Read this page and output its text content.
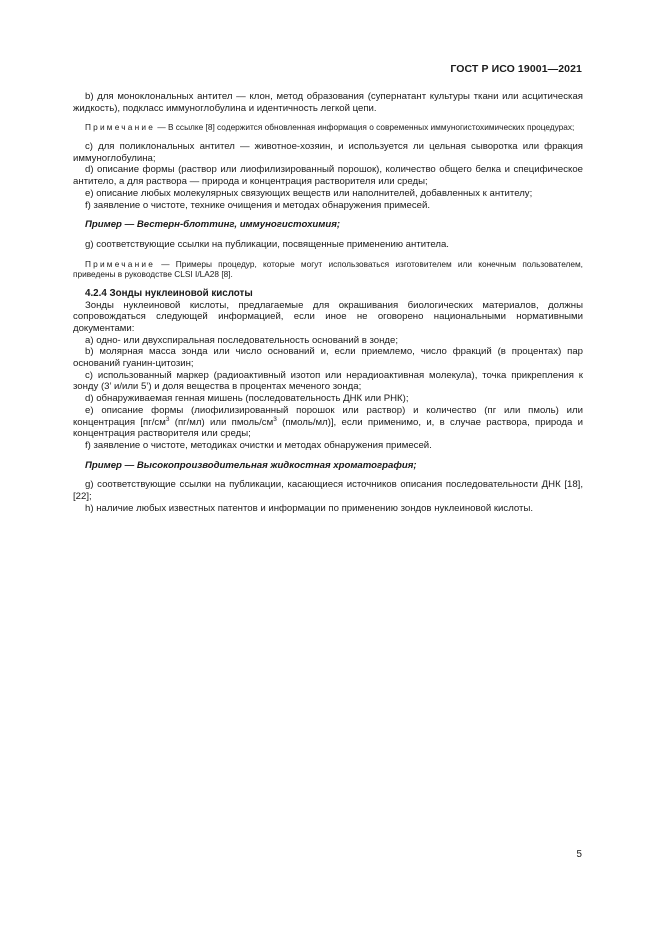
ГОСТ Р ИСО 19001—2021

b) для моноклональных антител — клон, метод образования (супернатант культуры ткани или асцитическая жидкость), подкласс иммуноглобулина и идентичность легкой цепи.

Примечание — В ссылке [8] содержится обновленная информация о современных иммуногистохимических процедурах;

c) для поликлональных антител — животное-хозяин, и используется ли цельная сыворотка или фракция иммуноглобулина;

d) описание формы (раствор или лиофилизированный порошок), количество общего белка и специфическое антитело, а для раствора — природа и концентрация растворителя или среды;

e) описание любых молекулярных связующих веществ или наполнителей, добавленных к антителу;

f) заявление о чистоте, технике очищения и методах обнаружения примесей.

Пример — Вестерн-блоттинг, иммуногистохимия;

g) соответствующие ссылки на публикации, посвященные применению антитела.

Примечание — Примеры процедур, которые могут использоваться изготовителем или конечным пользователем, приведены в руководстве CLSI I/LA28 [8].

4.2.4 Зонды нуклеиновой кислоты

Зонды нуклеиновой кислоты, предлагаемые для окрашивания биологических материалов, должны сопровождаться следующей информацией, если иное не оговорено национальными нормативными документами:

a) одно- или двухспиральная последовательность оснований в зонде;

b) молярная масса зонда или число оснований и, если приемлемо, число фракций (в процентах) пар оснований гуанин-цитозин;

c) использованный маркер (радиоактивный изотоп или нерадиоактивная молекула), точка прикрепления к зонду (3’ и/или 5’) и доля вещества в процентах меченого зонда;

d) обнаруживаемая генная мишень (последовательность ДНК или РНК);

e) описание формы (лиофилизированный порошок или раствор) и количество (пг или пмоль) или концентрация [$пг/см^3$ (пг/мл) или пмоль/$см^3$ (пмоль/мл)], если применимо, и, в случае раствора, природа и концентрация растворителя или среды;

f) заявление о чистоте, методиках очистки и методах обнаружения примесей.

Пример — Высокопроизводительная жидкостная хроматография;

g) соответствующие ссылки на публикации, касающиеся источников описания последовательности ДНК [18], [22];

h) наличие любых известных патентов и информации по применению зондов нуклеиновой кислоты.

5
